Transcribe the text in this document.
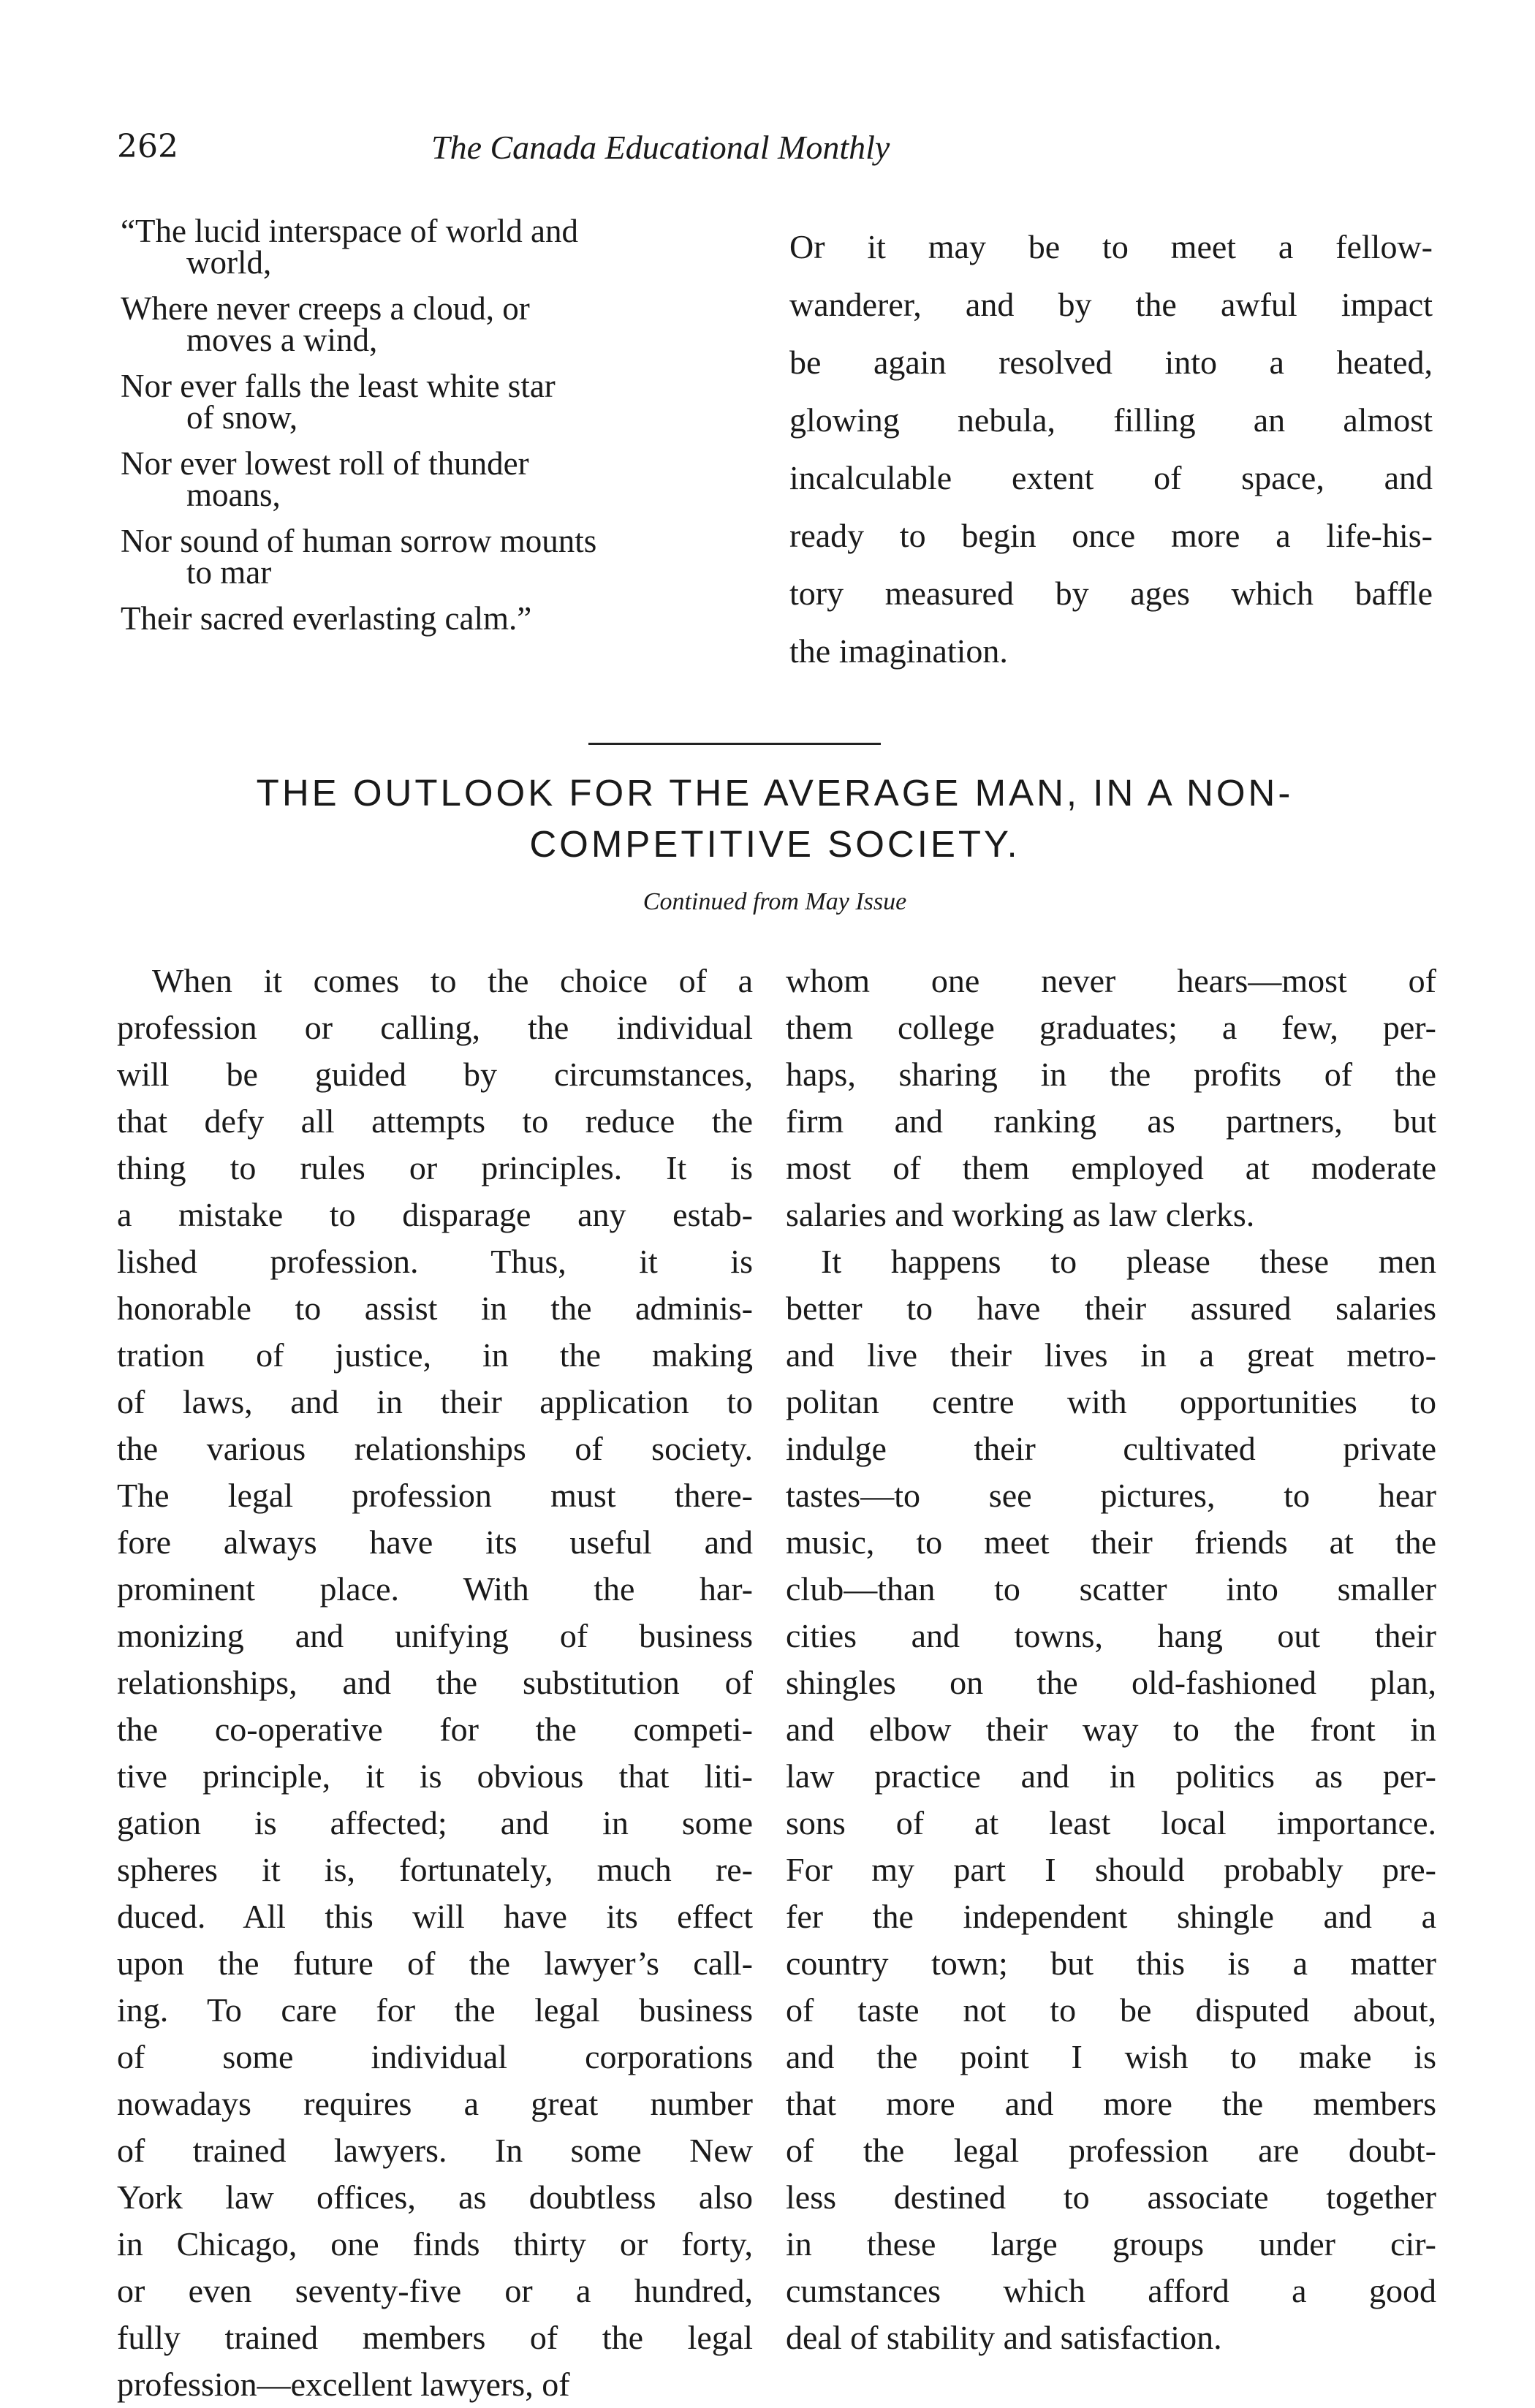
262	The Canada Educational Monthly
“The lucid interspace of world and
world,
Where never creeps a cloud, or
moves a wind,
Nor ever falls the least white star
of snow,
Nor ever lowest roll of thunder
moans,
Nor sound of human sorrow mounts
to mar
Their sacred everlasting calm.”
Or it may be to meet a fellow-
wanderer, and by the awful impact
be again resolved into a heated,
glowing nebula, filling an almost
incalculable extent of space, and
ready to begin once more a life-his-
tory measured by ages which baffle
the imagination.
THE OUTLOOK FOR THE AVERAGE MAN, IN A NON-
COMPETITIVE SOCIETY.
Continued from May Issue
When it comes to the choice of a
profession or calling, the individual
will be guided by circumstances,
that defy all attempts to reduce the
thing to rules or principles. It is
a mistake to disparage any estab-
lished profession. Thus, it is
honorable to assist in the adminis-
tration of justice, in the making
of laws, and in their application to
the various relationships of society.
The legal profession must there-
fore always have its useful and
prominent place. With the har-
monizing and unifying of business
relationships, and the substitution of
the co-operative for the competi-
tive principle, it is obvious that liti-
gation is affected; and in some
spheres it is, fortunately, much re-
duced. All this will have its effect
upon the future of the lawyer’s call-
ing. To care for the legal business
of some individual corporations
nowadays requires a great number
of trained lawyers. In some New
York law offices, as doubtless also
in Chicago, one finds thirty or forty,
or even seventy-five or a hundred,
fully trained members of the legal
profession—excellent lawyers, of
whom one never hears—most of
them college graduates; a few, per-
haps, sharing in the profits of the
firm and ranking as partners, but
most of them employed at moderate
salaries and working as law clerks.
It happens to please these men
better to have their assured salaries
and live their lives in a great metro-
politan centre with opportunities to
indulge their cultivated private
tastes—to see pictures, to hear
music, to meet their friends at the
club—than to scatter into smaller
cities and towns, hang out their
shingles on the old-fashioned plan,
and elbow their way to the front in
law practice and in politics as per-
sons of at least local importance.
For my part I should probably pre-
fer the independent shingle and a
country town; but this is a matter
of taste not to be disputed about,
and the point I wish to make is
that more and more the members
of the legal profession are doubt-
less destined to associate together
in these large groups under cir-
cumstances which afford a good
deal of stability and satisfaction.
